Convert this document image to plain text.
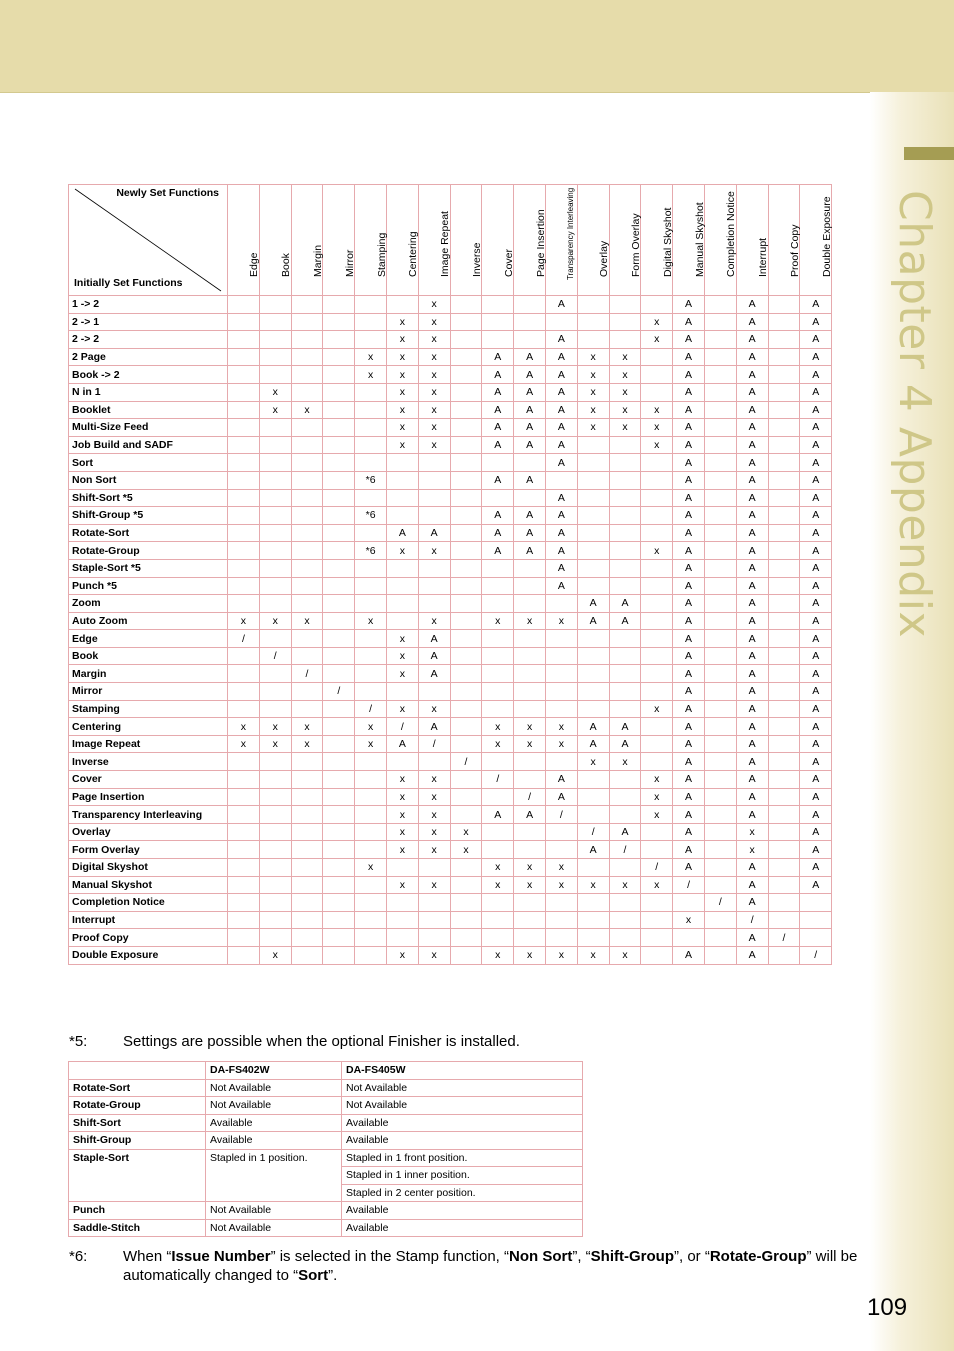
Chapter 4 Appendix
Newly Set Functions
Initially Set Functions	Edge	Book	Margin	Mirror	Stamping	Centering	Image Repeat	Inverse	Cover	Page Insertion	Transparency Interleaving	Overlay	Form Overlay	Digital Skyshot	Manual Skyshot	Completion Notice	Interrupt	Proof Copy	Double Exposure

1 -> 2							x				A				A		A		A
2 -> 1						x	x							x	A		A		A
2 -> 2						x	x				A			x	A		A		A
2 Page					x	x	x		A	A	A	x	x		A		A		A
Book -> 2					x	x	x		A	A	A	x	x		A		A		A
N in 1		x				x	x		A	A	A	x	x		A		A		A
Booklet		x	x			x	x		A	A	A	x	x	x	A		A		A
Multi-Size Feed						x	x		A	A	A	x	x	x	A		A		A
Job Build and SADF						x	x		A	A	A			x	A		A		A
Sort											A				A		A		A
Non Sort					*6				A	A					A		A		A
Shift-Sort *5											A				A		A		A
Shift-Group *5					*6				A	A	A				A		A		A
Rotate-Sort						A	A		A	A	A				A		A		A
Rotate-Group					*6	x	x		A	A	A			x	A		A		A
Staple-Sort *5											A				A		A		A
Punch *5											A				A		A		A
Zoom												A	A		A		A		A
Auto Zoom	x	x	x		x		x		x	x	x	A	A		A		A		A
Edge	/					x	A								A		A		A
Book		/				x	A								A		A		A
Margin			/			x	A								A		A		A
Mirror				/											A		A		A
Stamping					/	x	x							x	A		A		A
Centering	x	x	x		x	/	A		x	x	x	A	A		A		A		A
Image Repeat	x	x	x		x	A	/		x	x	x	A	A		A		A		A
Inverse								/				x	x		A		A		A
Cover						x	x		/		A			x	A		A		A
Page Insertion						x	x			/	A			x	A		A		A
Transparency Interleaving						x	x		A	A	/			x	A		A		A
Overlay						x	x	x				/	A		A		x		A
Form Overlay						x	x	x				A	/		A		x		A
Digital Skyshot					x				x	x	x			/	A		A		A
Manual Skyshot						x	x		x	x	x	x	x	x	/		A		A
Completion Notice																/	A		
Interrupt															x		/		
Proof Copy																	A	/	
Double Exposure		x				x	x		x	x	x	x	x		A		A		/
*5: Settings are possible when the optional Finisher is installed.
	DA-FS402W	DA-FS405W
Rotate-Sort	Not Available	Not Available
Rotate-Group	Not Available	Not Available
Shift-Sort	Available	Available
Shift-Group	Available	Available
Staple-Sort	Stapled in 1 position.	Stapled in 1 front position.
		Stapled in 1 inner position.
		Stapled in 2 center position.
Punch	Not Available	Available
Saddle-Stitch	Not Available	Available
*6: When “Issue Number” is selected in the Stamp function, “Non Sort”, “Shift-Group”, or “Rotate-Group” will be automatically changed to “Sort”.
109
